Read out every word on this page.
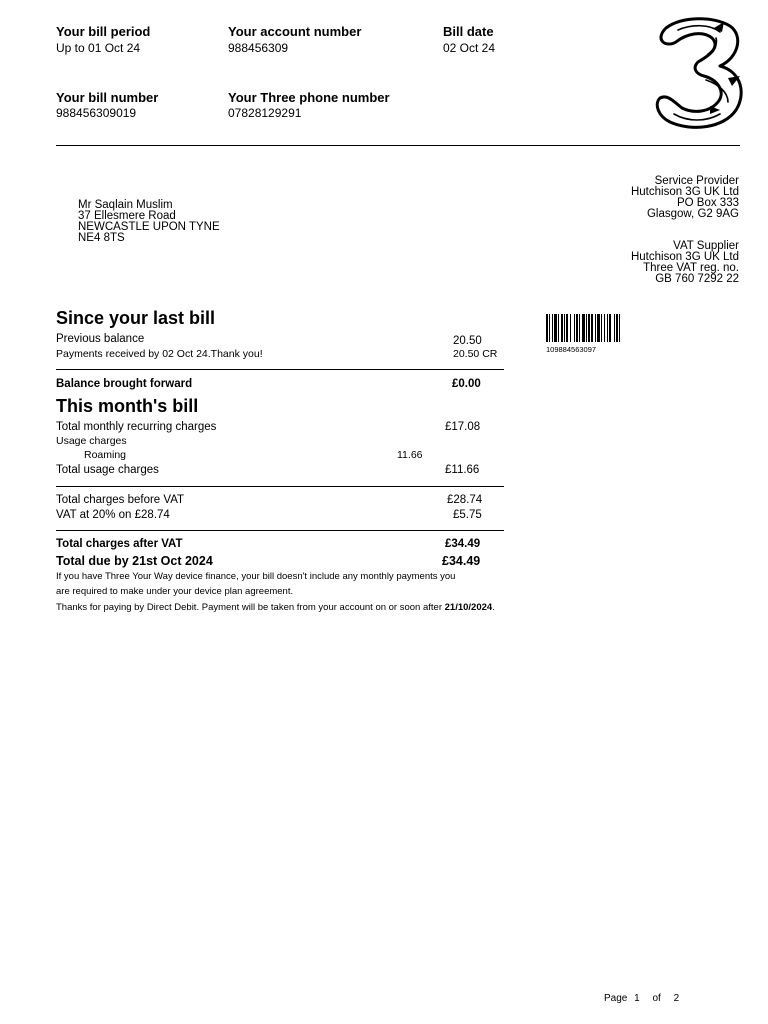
Your bill period
Up to 01 Oct 24
Your account number
988456309
Bill date
02 Oct 24
Your bill number
988456309019
Your Three phone number
07828129291
Mr Saqlain Muslim
37 Ellesmere Road
NEWCASTLE UPON TYNE
NE4 8TS
Service Provider
Hutchison 3G UK Ltd
PO Box 333
Glasgow, G2 9AG
VAT Supplier
Hutchison 3G UK Ltd
Three VAT reg. no.
GB 760 7292 22
109884563097
Since your last bill
Previous balance	20.50
Payments received by 02 Oct 24.Thank you!	20.50 CR
Balance brought forward	£0.00
This month's bill
Total monthly recurring charges	£17.08
Usage charges
Roaming	11.66
Total usage charges	£11.66
Total charges before VAT	£28.74
VAT at 20% on £28.74	£5.75
Total charges after VAT	£34.49
Total due by 21st Oct 2024	£34.49
If you have Three Your Way device finance, your bill doesn't include any monthly payments you
are required to make under your device plan agreement.
Thanks for paying by Direct Debit. Payment will be taken from your account on or soon after 21/10/2024.
Page 1 of 2
